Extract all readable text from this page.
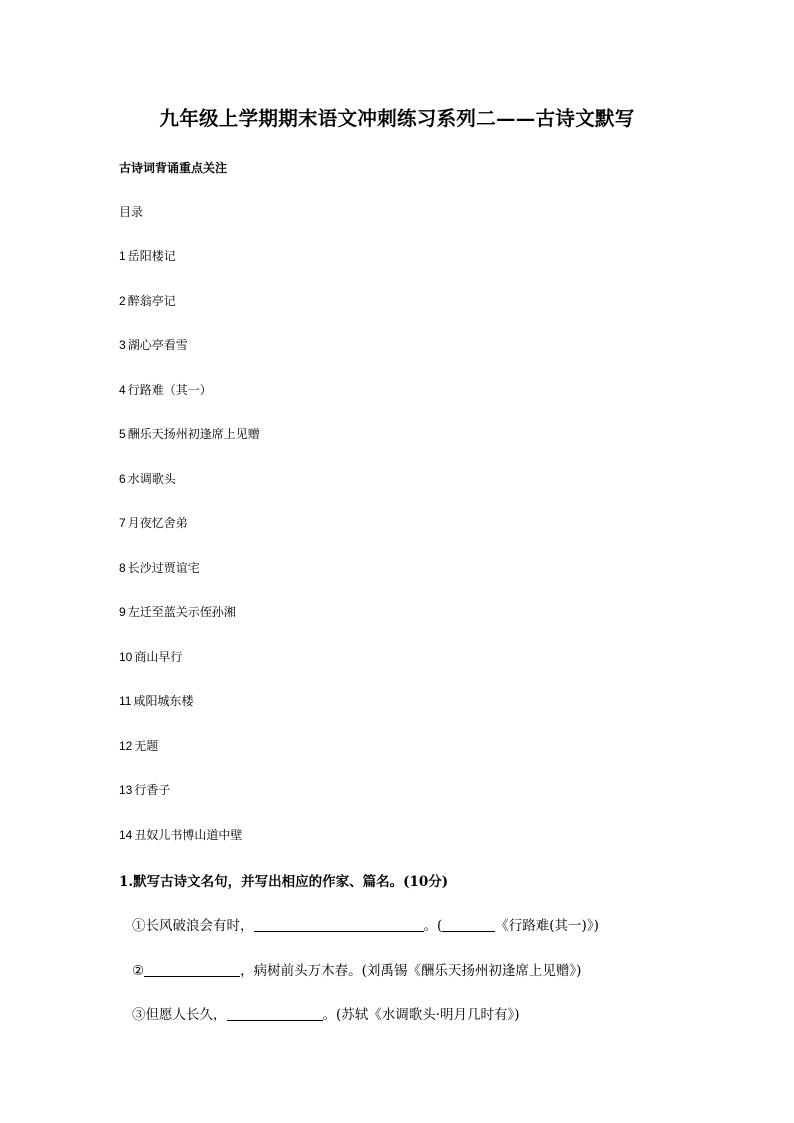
九年级上学期期末语文冲刺练习系列二——古诗文默写
古诗词背诵重点关注
目录
1 岳阳楼记
2 醉翁亭记
3 湖心亭看雪
4 行路难（其一）
5 酬乐天扬州初逢席上见赠
6 水调歌头
7 月夜忆舍弟
8 长沙过贾谊宅
9 左迁至蓝关示侄孙湘
10 商山早行
11 咸阳城东楼
12 无题
13 行香子
14 丑奴儿书博山道中壁
1.默写古诗文名句，并写出相应的作家、篇名。(10分)
①长风破浪会有时，	。(	《行路难(其一)》)
②	，病树前头万木春。(刘禹锡《酬乐天扬州初逢席上见赠》)
③但愿人长久，	。(苏轼《水调歌头·明月几时有》)
